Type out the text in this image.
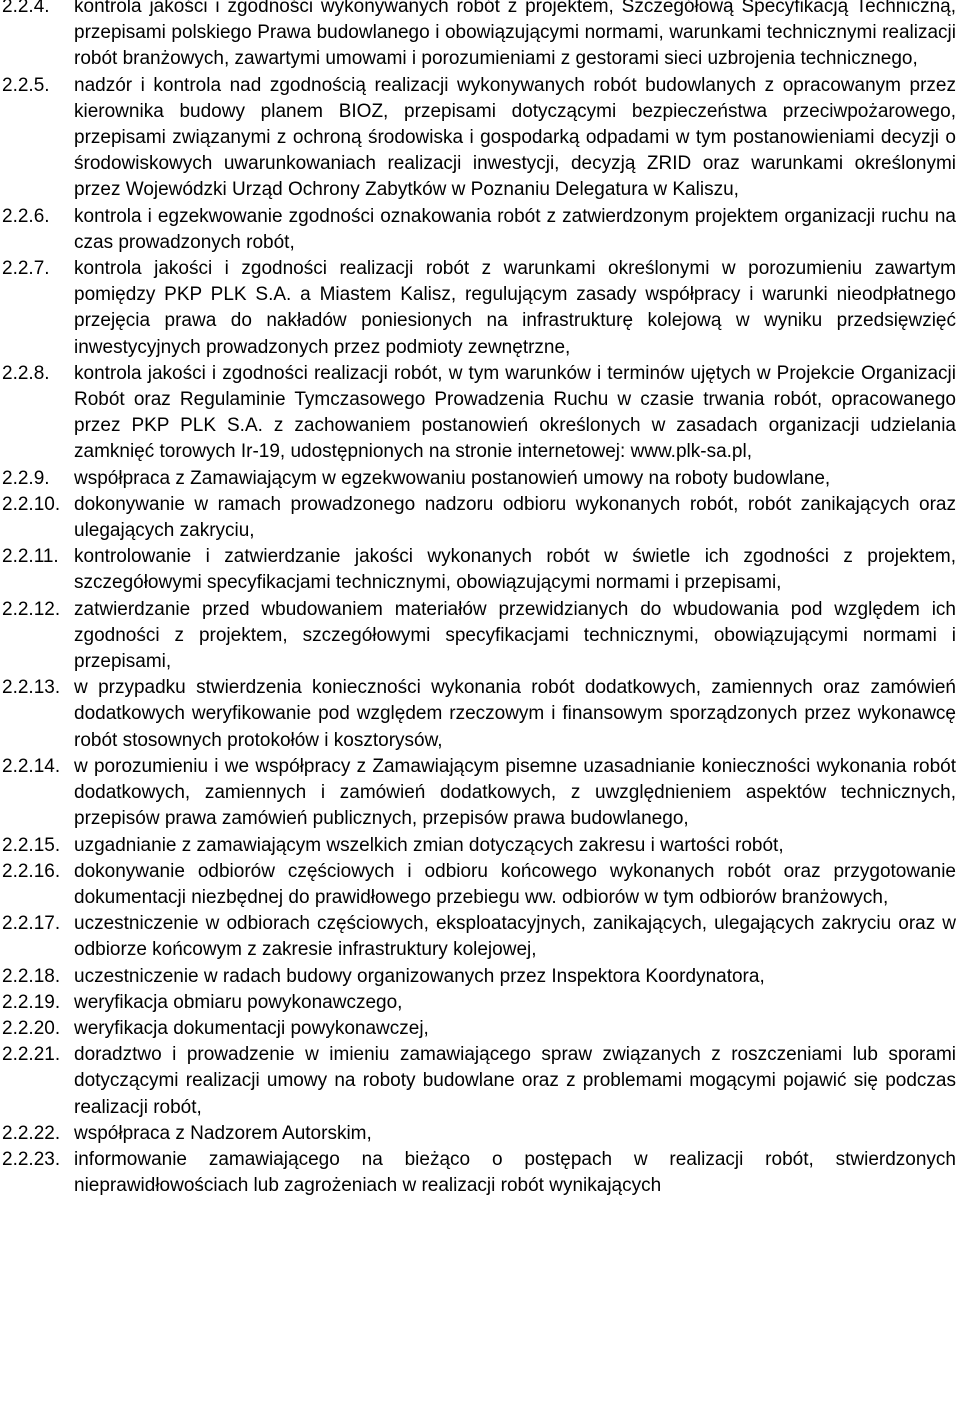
2.2.4.	kontrola jakości i zgodności wykonywanych robót z projektem, Szczegółową Specyfikacją Techniczną, przepisami polskiego Prawa budowlanego i obowiązującymi normami, warunkami technicznymi realizacji robót branżowych, zawartymi umowami i porozumieniami z gestorami sieci uzbrojenia technicznego,
2.2.5.	nadzór i kontrola nad zgodnością realizacji wykonywanych robót budowlanych z opracowanym przez kierownika budowy planem BIOZ, przepisami dotyczącymi bezpieczeństwa przeciwpożarowego, przepisami związanymi z ochroną środowiska i gospodarką odpadami w tym postanowieniami decyzji o środowiskowych uwarunkowaniach realizacji inwestycji, decyzją ZRID oraz warunkami określonymi przez Wojewódzki Urząd Ochrony Zabytków w Poznaniu Delegatura w Kaliszu,
2.2.6.	kontrola i egzekwowanie zgodności oznakowania robót z zatwierdzonym projektem organizacji ruchu na czas prowadzonych robót,
2.2.7.	kontrola jakości i zgodności realizacji robót z warunkami określonymi w porozumieniu zawartym pomiędzy PKP PLK S.A. a Miastem Kalisz, regulującym zasady współpracy i warunki nieodpłatnego przejęcia prawa do nakładów poniesionych na infrastrukturę kolejową w wyniku przedsięwzięć inwestycyjnych prowadzonych przez podmioty zewnętrzne,
2.2.8.	kontrola jakości i zgodności realizacji robót, w tym warunków i terminów ujętych w Projekcie Organizacji Robót oraz Regulaminie Tymczasowego Prowadzenia Ruchu w czasie trwania robót, opracowanego przez PKP PLK S.A. z zachowaniem postanowień określonych w zasadach organizacji udzielania zamknięć torowych Ir-19, udostępnionych na stronie internetowej: www.plk-sa.pl,
2.2.9.	współpraca z Zamawiającym w egzekwowaniu postanowień umowy na roboty budowlane,
2.2.10. dokonywanie w ramach prowadzonego nadzoru odbioru wykonanych robót, robót zanikających oraz ulegających zakryciu,
2.2.11. kontrolowanie i zatwierdzanie jakości wykonanych robót w świetle ich zgodności z projektem, szczegółowymi specyfikacjami technicznymi, obowiązującymi normami i przepisami,
2.2.12. zatwierdzanie przed wbudowaniem materiałów przewidzianych do wbudowania pod względem ich zgodności z projektem, szczegółowymi specyfikacjami technicznymi, obowiązującymi normami i przepisami,
2.2.13. w przypadku stwierdzenia konieczności wykonania robót dodatkowych, zamiennych oraz zamówień dodatkowych weryfikowanie pod względem rzeczowym i finansowym sporządzonych przez wykonawcę robót stosownych protokołów i kosztorysów,
2.2.14. w porozumieniu i we współpracy z Zamawiającym pisemne uzasadnianie konieczności wykonania robót dodatkowych, zamiennych i zamówień dodatkowych, z uwzględnieniem aspektów technicznych, przepisów prawa zamówień publicznych, przepisów prawa budowlanego,
2.2.15. uzgadnianie z zamawiającym wszelkich zmian dotyczących zakresu i wartości robót,
2.2.16. dokonywanie odbiorów częściowych i odbioru końcowego wykonanych robót oraz przygotowanie dokumentacji niezbędnej do prawidłowego przebiegu ww. odbiorów w tym odbiorów branżowych,
2.2.17. uczestniczenie w odbiorach częściowych, eksploatacyjnych, zanikających, ulegających zakryciu oraz w odbiorze końcowym z zakresie infrastruktury kolejowej,
2.2.18. uczestniczenie w radach budowy organizowanych przez Inspektora Koordynatora,
2.2.19. weryfikacja obmiaru powykonawczego,
2.2.20. weryfikacja dokumentacji powykonawczej,
2.2.21. doradztwo i prowadzenie w imieniu zamawiającego spraw związanych z roszczeniami lub sporami dotyczącymi realizacji umowy na roboty budowlane oraz z problemami mogącymi pojawić się podczas realizacji robót,
2.2.22. współpraca z Nadzorem Autorskim,
2.2.23. informowanie zamawiającego na bieżąco o postępach w realizacji robót, stwierdzonych nieprawidłowościach lub zagrożeniach w realizacji robót wynikających
